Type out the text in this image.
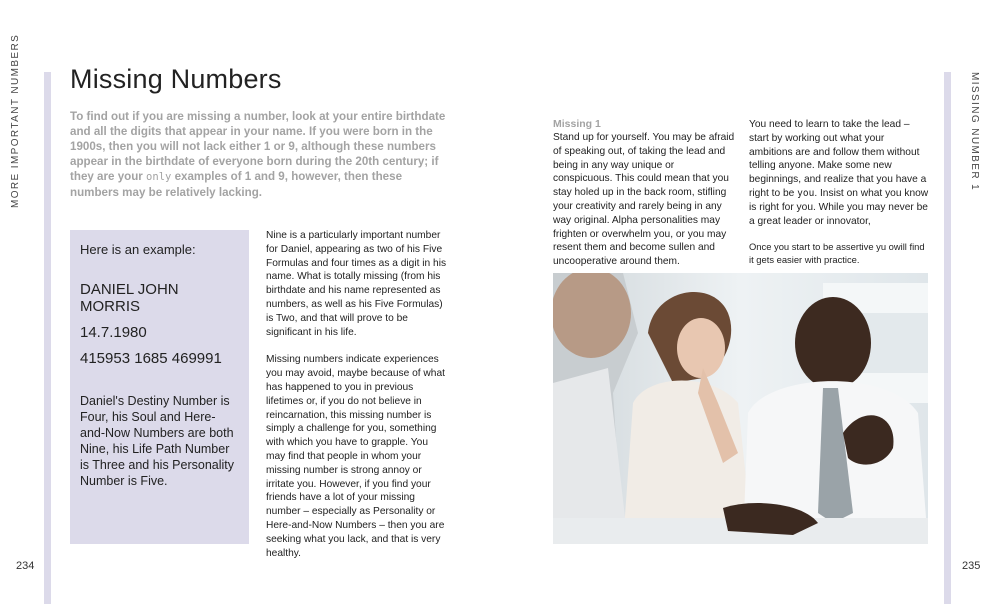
MORE IMPORTANT NUMBERS	MISSING NUMBER 1
234	235
Missing Numbers

To find out if you are missing a number, look at your entire birthdate and all the digits that appear in your name. If you were born in the 1900s, then you will not lack either 1 or 9, although these numbers appear in the birthdate of everyone born during the 20th century; if they are your only examples of 1 and 9, however, then these numbers may be relatively lacking.

Here is an example:

DANIEL JOHN MORRIS

14.7.1980

415953 1685 469991

Daniel's Destiny Number is Four, his Soul and Here-and-Now Numbers are both Nine, his Life Path Number is Three and his Personality Number is Five.

Nine is a particularly important number for Daniel, appearing as two of his Five Formulas and four times as a digit in his name. What is totally missing (from his birthdate and his name represented as numbers, as well as his Five Formulas) is Two, and that will prove to be significant in his life.

Missing numbers indicate experiences you may avoid, maybe because of what has happened to you in previous lifetimes or, if you do not believe in reincarnation, this missing number is simply a challenge for you, something with which you have to grapple. You may find that people in whom your missing number is strong annoy or irritate you. However, if you find your friends have a lot of your missing number – especially as Personality or Here-and-Now Numbers – then you are seeking what you lack, and that is very healthy.

Missing 1

Stand up for yourself. You may be afraid of speaking out, of taking the lead and being in any way unique or conspicuous. This could mean that you stay holed up in the back room, stifling your creativity and rarely being in any way original. Alpha personalities may frighten or overwhelm you, or you may resent them and become sullen and uncooperative around them.

You need to learn to take the lead – start by working out what your ambitions are and follow them without telling anyone. Make some new beginnings, and realize that you have a right to be you. Insist on what you know is right for you. While you may never be a great leader or innovator,

Once you start to be assertive yu owill find it gets easier with practice.
